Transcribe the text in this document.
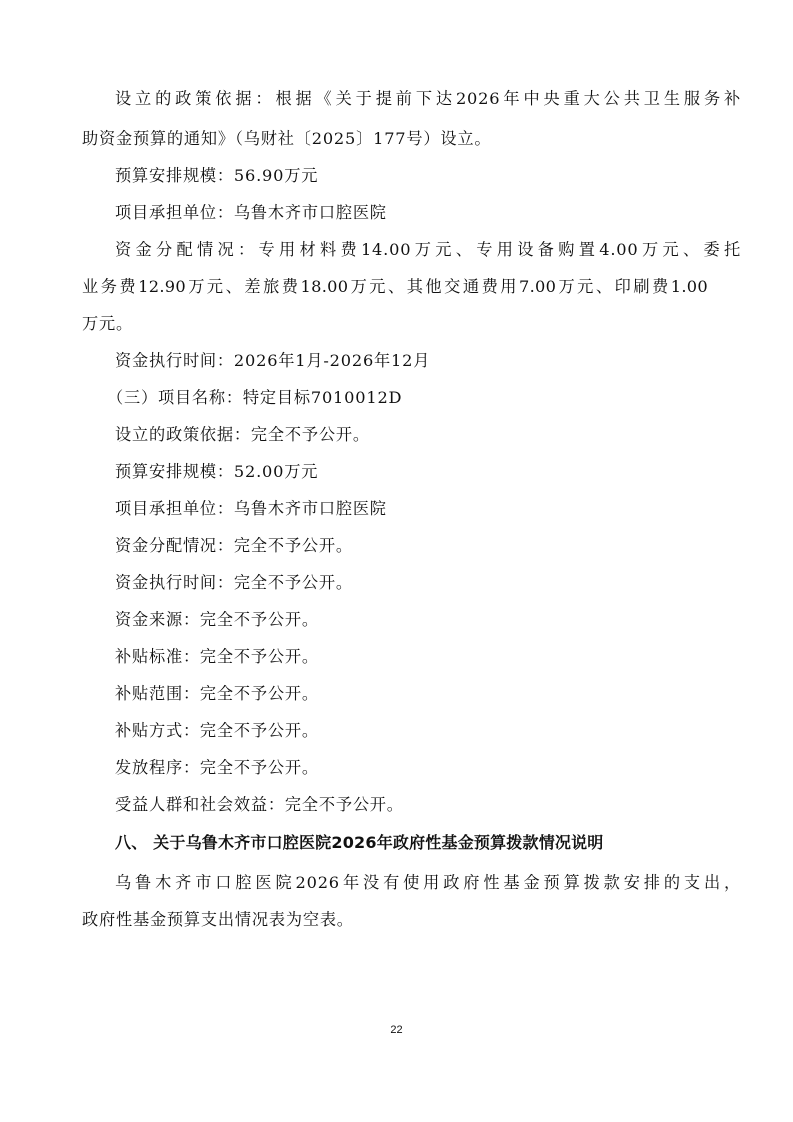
设立的政策依据：根据《关于提前下达2026年中央重大公共卫生服务补
助资金预算的通知》（乌财社〔2025〕177号）设立。
预算安排规模：56.90万元
项目承担单位：乌鲁木齐市口腔医院
资金分配情况：专用材料费14.00万元、专用设备购置4.00万元、委托
业务费12.90万元、差旅费18.00万元、其他交通费用7.00万元、印刷费1.00
万元。
资金执行时间：2026年1月-2026年12月
（三）项目名称：特定目标7010012D
设立的政策依据：完全不予公开。
预算安排规模：52.00万元
项目承担单位：乌鲁木齐市口腔医院
资金分配情况：完全不予公开。
资金执行时间：完全不予公开。
资金来源：完全不予公开。
补贴标准：完全不予公开。
补贴范围：完全不予公开。
补贴方式：完全不予公开。
发放程序：完全不予公开。
受益人群和社会效益：完全不予公开。
八、 关于乌鲁木齐市口腔医院2026年政府性基金预算拨款情况说明
乌鲁木齐市口腔医院2026年没有使用政府性基金预算拨款安排的支出，
政府性基金预算支出情况表为空表。
22
